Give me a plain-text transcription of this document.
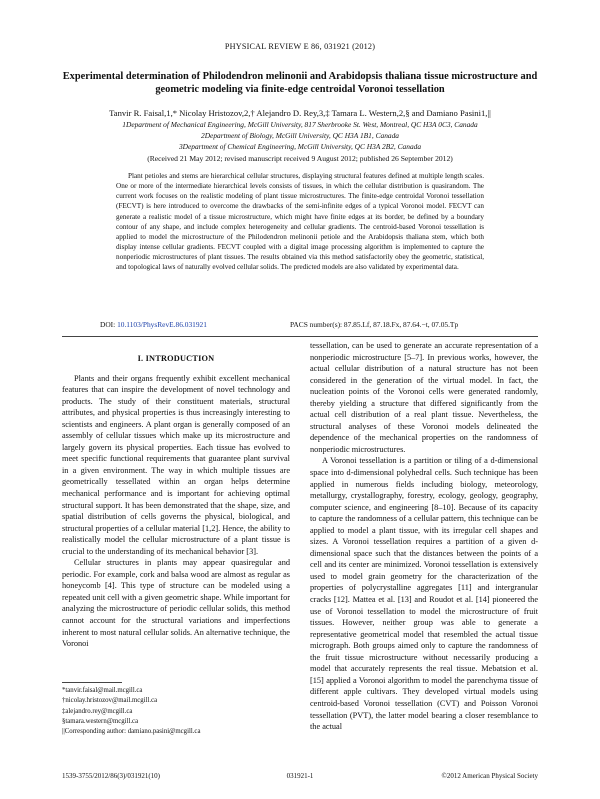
PHYSICAL REVIEW E 86, 031921 (2012)
Experimental determination of Philodendron melinonii and Arabidopsis thaliana tissue microstructure and geometric modeling via finite-edge centroidal Voronoi tessellation
Tanvir R. Faisal,1,* Nicolay Hristozov,2,† Alejandro D. Rey,3,‡ Tamara L. Western,2,§ and Damiano Pasini1,||
1Department of Mechanical Engineering, McGill University, 817 Sherbrooke St. West, Montreal, QC H3A 0C3, Canada
2Department of Biology, McGill University, QC H3A 1B1, Canada
3Department of Chemical Engineering, McGill University, QC H3A 2B2, Canada
(Received 21 May 2012; revised manuscript received 9 August 2012; published 26 September 2012)
Plant petioles and stems are hierarchical cellular structures, displaying structural features defined at multiple length scales. One or more of the intermediate hierarchical levels consists of tissues, in which the cellular distribution is quasirandom. The current work focuses on the realistic modeling of plant tissue microstructures. The finite-edge centroidal Voronoi tessellation (FECVT) is here introduced to overcome the drawbacks of the semi-infinite edges of a typical Voronoi model. FECVT can generate a realistic model of a tissue microstructure, which might have finite edges at its border, be defined by a boundary contour of any shape, and include complex heterogeneity and cellular gradients. The centroid-based Voronoi tessellation is applied to model the microstructure of the Philodendron melinonii petiole and the Arabidopsis thaliana stem, which both display intense cellular gradients. FECVT coupled with a digital image processing algorithm is implemented to capture the nonperiodic microstructures of plant tissues. The results obtained via this method satisfactorily obey the geometric, statistical, and topological laws of naturally evolved cellular solids. The predicted models are also validated by experimental data.
DOI: 10.1103/PhysRevE.86.031921	PACS number(s): 87.85.Lf, 87.18.Fx, 87.64.−t, 07.05.Tp
I. INTRODUCTION

Plants and their organs frequently exhibit excellent mechanical features that can inspire the development of novel technology and products. The study of their constituent materials, structural attributes, and physical properties is thus increasingly interesting to scientists and engineers. A plant organ is generally composed of an assembly of cellular tissues which make up its microstructure and largely govern its physical properties. Each tissue has evolved to meet specific functional requirements that guarantee plant survival in a given environment. The way in which multiple tissues are geometrically tessellated within an organ helps determine mechanical performance and is important for achieving optimal structural support. It has been demonstrated that the shape, size, and spatial distribution of cells governs the physical, biological, and structural properties of a cellular material [1,2]. Hence, the ability to realistically model the cellular microstructure of a plant tissue is crucial to the understanding of its mechanical behavior [3].

Cellular structures in plants may appear quasiregular and periodic. For example, cork and balsa wood are almost as regular as honeycomb [4]. This type of structure can be modeled using a repeated unit cell with a given geometric shape. While important for analyzing the microstructure of periodic cellular solids, this method cannot account for the structural variations and imperfections inherent to most natural cellular solids. An alternative technique, the Voronoi

tessellation, can be used to generate an accurate representation of a nonperiodic microstructure [5–7]. In previous works, however, the actual cellular distribution of a natural structure has not been considered in the generation of the virtual model. In fact, the nucleation points of the Voronoi cells were generated randomly, thereby yielding a structure that differed significantly from the actual cell distribution of a real plant tissue. Nevertheless, the structural analyses of these Voronoi models delineated the dependence of the mechanical properties on the randomness of nonperiodic microstructures.

A Voronoi tessellation is a partition or tiling of a d-dimensional space into d-dimensional polyhedral cells. Such technique has been applied in numerous fields including biology, meteorology, metallurgy, crystallography, forestry, ecology, geology, geography, computer science, and engineering [8–10]. Because of its capacity to capture the randomness of a cellular pattern, this technique can be applied to model a plant tissue, with its irregular cell shapes and sizes. A Voronoi tessellation requires a partition of a given d-dimensional space such that the distances between the points of a cell and its center are minimized. Voronoi tessellation is extensively used to model grain geometry for the characterization of the properties of polycrystalline aggregates [11] and intergranular cracks [12]. Mattea et al. [13] and Roudot et al. [14] pioneered the use of Voronoi tessellation to model the microstructure of fruit tissues. However, neither group was able to generate a representative geometrical model that resembled the actual tissue micrograph. Both groups aimed only to capture the randomness of the fruit tissue microstructure without necessarily producing a model that accurately represents the real tissue. Mebatsion et al. [15] applied a Voronoi algorithm to model the parenchyma tissue of different apple cultivars. They developed virtual models using centroid-based Voronoi tessellation (CVT) and Poisson Voronoi tessellation (PVT), the latter model bearing a closer resemblance to the actual

*tanvir.faisal@mail.mcgill.ca
†nicolay.hristozov@mail.mcgill.ca
‡alejandro.rey@mcgill.ca
§tamara.western@mcgill.ca
||Corresponding author: damiano.pasini@mcgill.ca
1539-3755/2012/86(3)/031921(10)	031921-1	©2012 American Physical Society
